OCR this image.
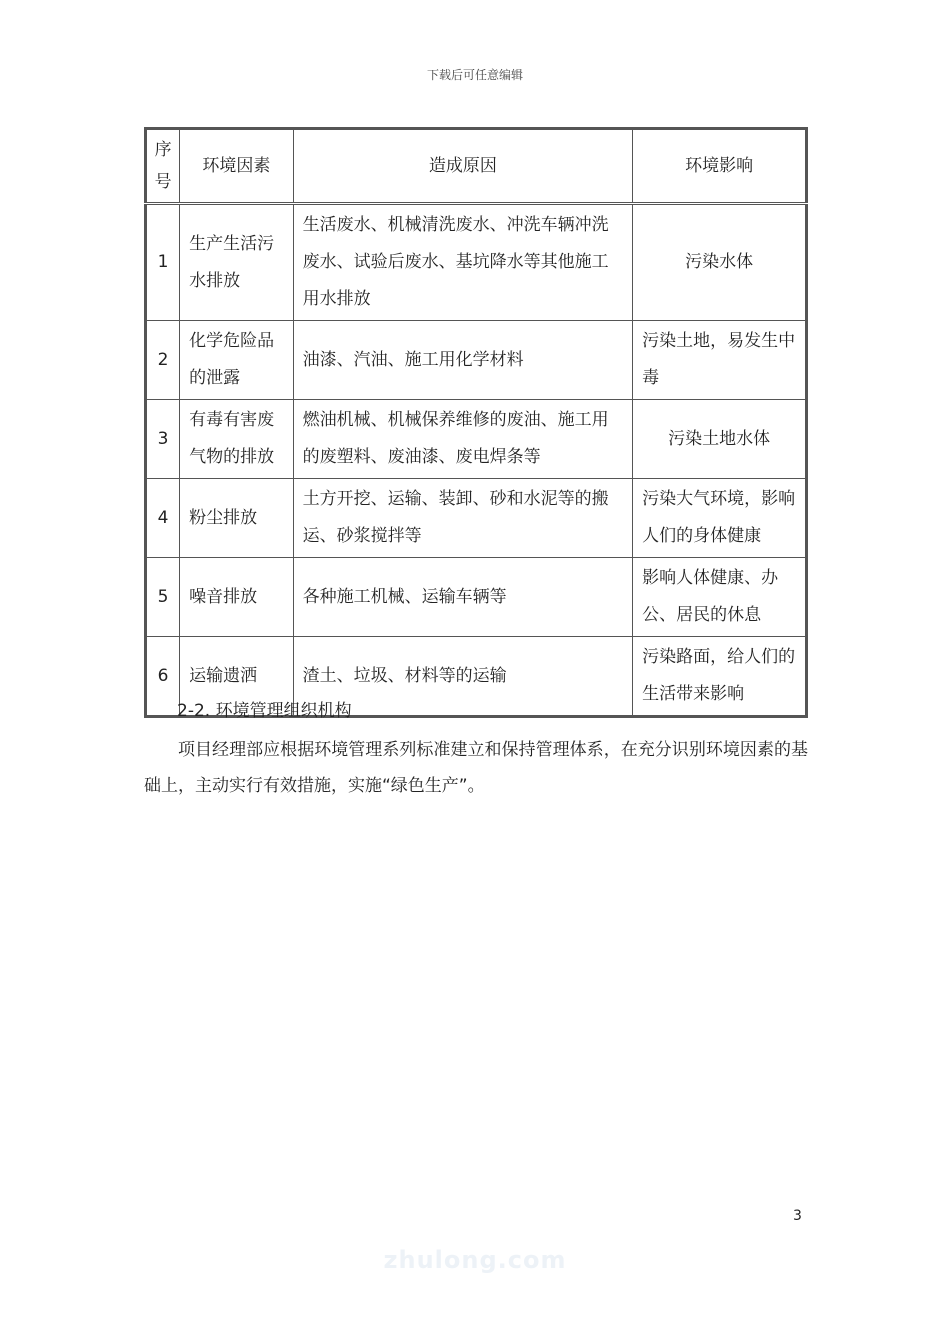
下载后可任意编辑
序号	环境因素	造成原因	环境影响
1	生产生活污水排放	生活废水、机械清洗废水、冲洗车辆冲洗废水、试验后废水、基坑降水等其他施工用水排放	污染水体
2	化学危险品的泄露	油漆、汽油、施工用化学材料	污染土地，易发生中毒
3	有毒有害废气物的排放	燃油机械、机械保养维修的废油、施工用的废塑料、废油漆、废电焊条等	污染土地水体
4	粉尘排放	土方开挖、运输、装卸、砂和水泥等的搬运、砂浆搅拌等	污染大气环境，影响人们的身体健康
5	噪音排放	各种施工机械、运输车辆等	影响人体健康、办公、居民的休息
6	运输遗洒	渣土、垃圾、材料等的运输	污染路面，给人们的生活带来影响
2-2. 环境管理组织机构

项目经理部应根据环境管理系列标准建立和保持管理体系，在充分识别环境因素的基础上，主动实行有效措施，实施“绿色生产”。

3
zhulong.com
